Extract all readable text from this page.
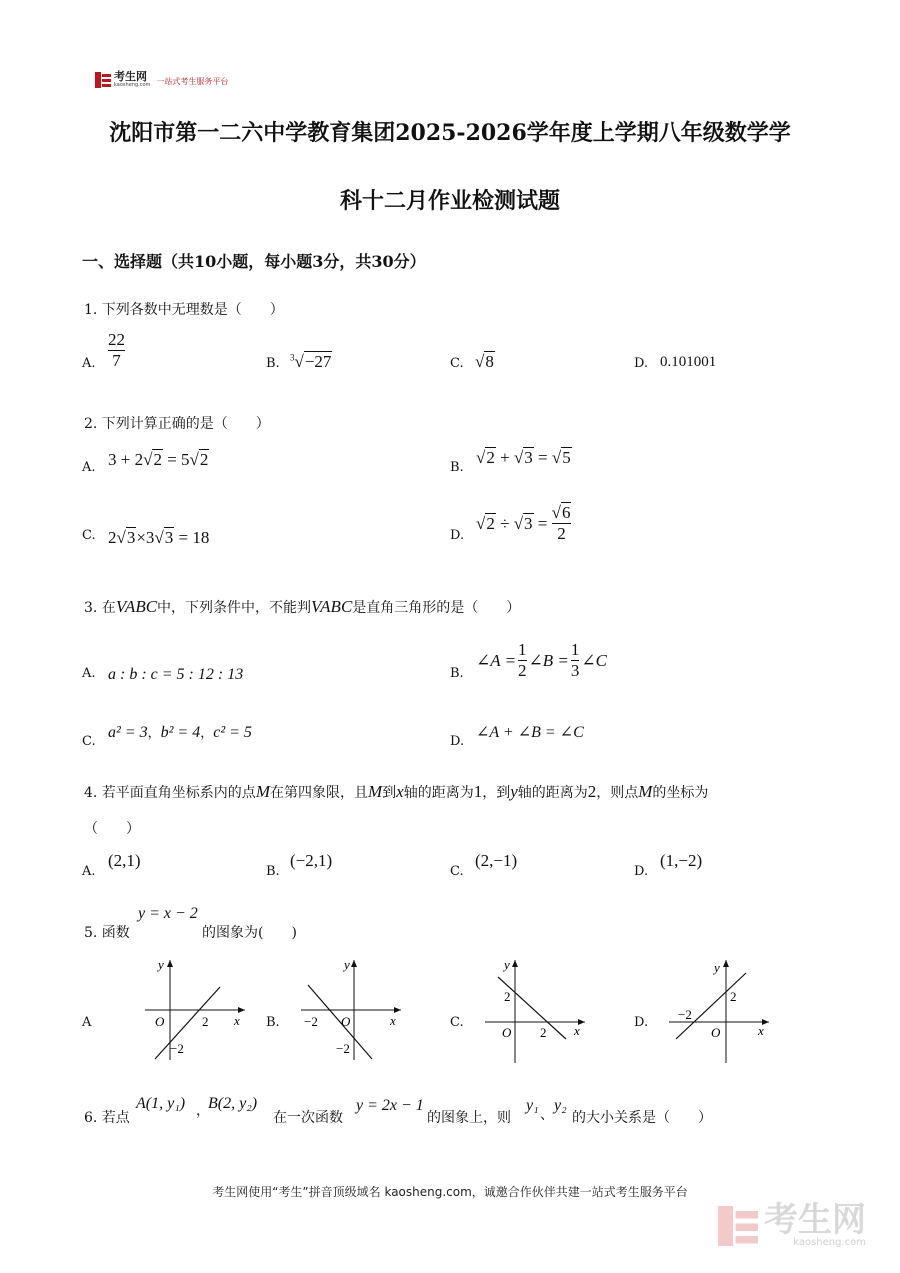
考生网
kaosheng.com 一站式考生服务平台
沈阳市第一二六中学教育集团2025-2026学年度上学期八年级数学学
科十二月作业检测试题
一、选择题（共10小题，每小题3分，共30分）
1. 下列各数中无理数是（　　）
A. $\frac{22}{7}$	B. $^3$√−27	C. √8	D. 0.101001
2. 下列计算正确的是（　　）
A. 3 + 2√2 = 5√2	B.
√2 + √3 = √5
C. 2√3×3√3 = 18	D.
√ 2 ÷ √ $3 = \frac{√6}{2}$
3. 在VABC中，下列条件中，不能判VABC是直角三角形的是（　　）
A. a : b : c = 5 : 12 : 13	B.
∠A = $\frac{1}{2}$ ∠B = $\frac{1}{3}$ ∠C
C.
a² = 3，b² = 4，c² = 5
D.
∠A + ∠B = ∠C
4. 若平面直角坐标系内的点M在第四象限，且M到x轴的距离为1，到y轴的距离为2，则点M的坐标为
（　　）
A.
(2,1)
B.
(−2,1)
C.
(2,−1)
D.
(1,−2)
5. 函数
y = x − 2
的图象为(　　)
A	x
y
O	2
−2
B.	x
y
O
−2
−2
C.
x
y
O
2
2
D.
x
y
O
−2
2
6. 若点
A(1, y₁) ，
B(2, y₂)
在一次函数
y = 2x − 1
的图象上，则
y₁
、
y₂
的大小关系是（　　）
考生网使用“考生”拼音顶级域名 kaosheng.com，诚邀合作伙伴共建一站式考生服务平台
考生网
kaosheng.com
